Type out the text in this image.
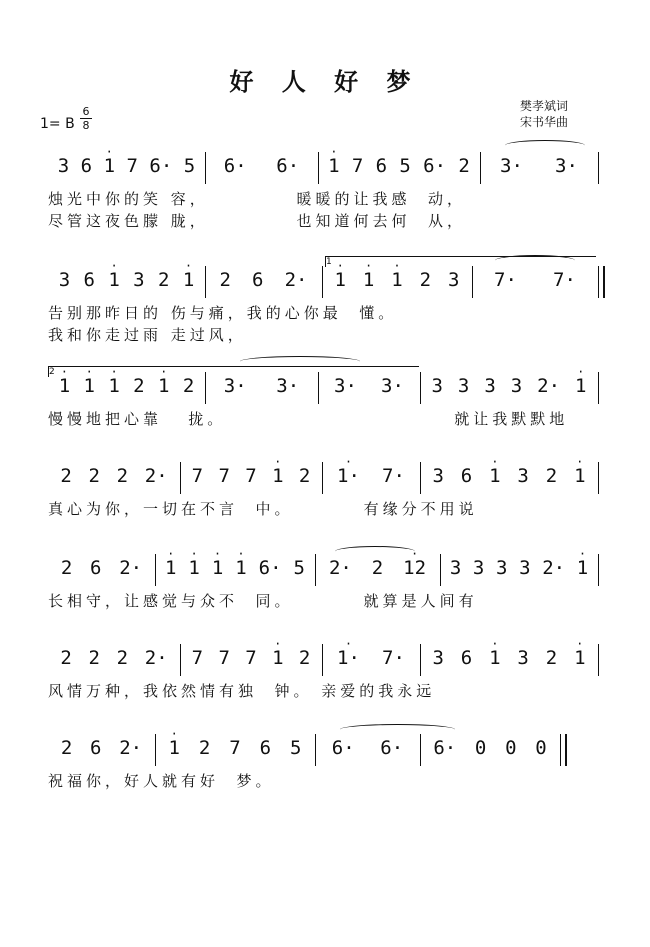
好 人 好 梦
樊孝斌词
宋书华曲
1= B
6
8
3 6 1
·
7 6· 5 6· 6· 1
·
7 6 5 6· 2 3· 3·
烛光中你的笑 容，          暖暖的让我感  动，
尽管这夜色朦 胧，          也知道何去何  从，
3 6 1
·
3 2 1
·
2 6 2· 1
·
1
·
1
·
2 3 7· 7·
告别那昨日的 伤与痛，我的心你最  懂。
我和你走过雨 走过风，
1
·
1
·
1
·
2 1
·
2 3· 3· 3· 3· 3 3 3 3 2· 1
·
慢慢地把心靠   拢。                          就让我默默地
2 2 2 2· 7 7 7 1
·
2 1·
·
7· 3 6 1
·
3 2 1
·
真心为你，一切在不言  中。        有缘分不用说
2 6 2· 1
·
1
·
1
·
1
·
6· 5 2· 2 12
·
3 3 3 3 2· 1
·
长相守，让感觉与众不  同。        就算是人间有
2 2 2 2· 7 7 7 1
·
2 1·
·
7· 3 6 1
·
3 2 1
·
风情万种，我依然情有独  钟。 亲爱的我永远
2 6 2· 1
·
2 7 6 5 6· 6· 6· 0 0 0
祝福你，好人就有好  梦。
1
2
